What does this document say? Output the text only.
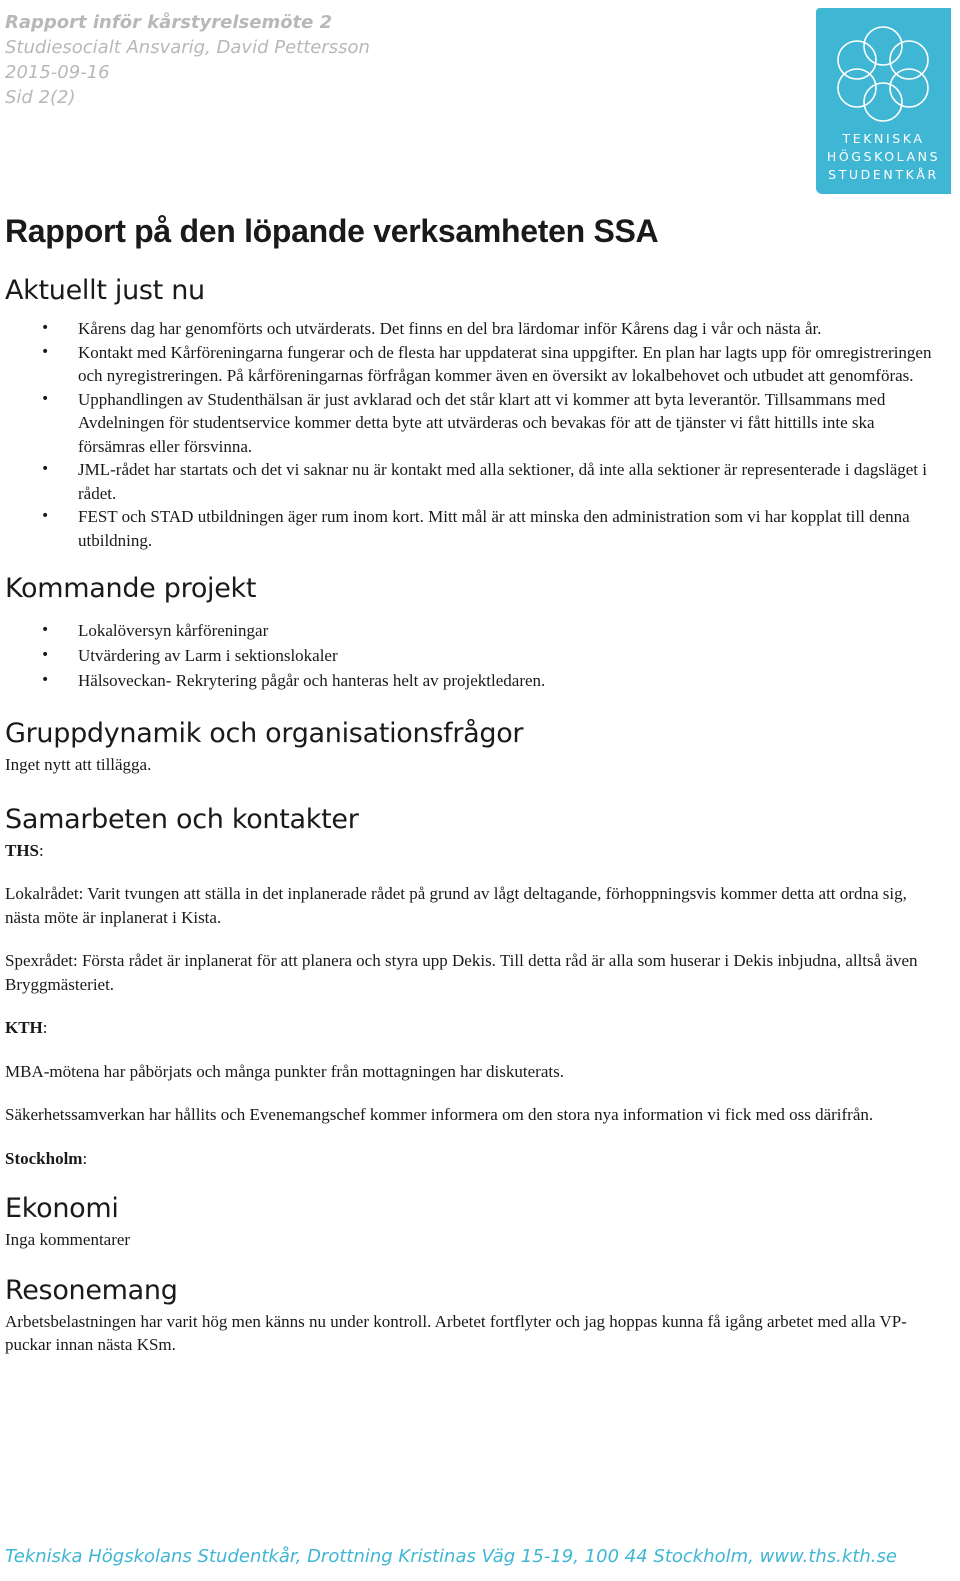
Rapport inför kårstyrelsemöte 2
Studiesocialt Ansvarig, David Pettersson
2015-09-16
Sid 2(2)
TEKNISKA
HÖGSKOLANS
STUDENTKÅR
Rapport på den löpande verksamheten SSA
Aktuellt just nu
• Kårens dag har genomförts och utvärderats. Det finns en del bra lärdomar inför Kårens dag i vår och nästa år.
• Kontakt med Kårföreningarna fungerar och de flesta har uppdaterat sina uppgifter. En plan har lagts upp för omregistreringen och nyregistreringen. På kårföreningarnas förfrågan kommer även en översikt av lokalbehovet och utbudet att genomföras.
• Upphandlingen av Studenthälsan är just avklarad och det står klart att vi kommer att byta leverantör. Tillsammans med Avdelningen för studentservice kommer detta byte att utvärderas och bevakas för att de tjänster vi fått hittills inte ska försämras eller försvinna.
• JML-rådet har startats och det vi saknar nu är kontakt med alla sektioner, då inte alla sektioner är representerade i dagsläget i rådet.
• FEST och STAD utbildningen äger rum inom kort. Mitt mål är att minska den administration som vi har kopplat till denna utbildning.
Kommande projekt
• Lokalöversyn kårföreningar
• Utvärdering av Larm i sektionslokaler
• Hälsoveckan- Rekrytering pågår och hanteras helt av projektledaren.
Gruppdynamik och organisationsfrågor

Inget nytt att tillägga.

Samarbeten och kontakter

THS:

Lokalrådet: Varit tvungen att ställa in det inplanerade rådet på grund av lågt deltagande, förhoppningsvis kommer detta att ordna sig, nästa möte är inplanerat i Kista.

Spexrådet: Första rådet är inplanerat för att planera och styra upp Dekis. Till detta råd är alla som huserar i Dekis inbjudna, alltså även Bryggmästeriet.

KTH:

MBA-mötena har påbörjats och många punkter från mottagningen har diskuterats.

Säkerhetssamverkan har hållits och Evenemangschef kommer informera om den stora nya information vi fick med oss därifrån.

Stockholm:

Ekonomi

Inga kommentarer

Resonemang

Arbetsbelastningen har varit hög men känns nu under kontroll. Arbetet fortflyter och jag hoppas kunna få igång arbetet med alla VP-puckar innan nästa KSm.

Tekniska Högskolans Studentkår, Drottning Kristinas Väg 15-19, 100 44 Stockholm, www.ths.kth.se
